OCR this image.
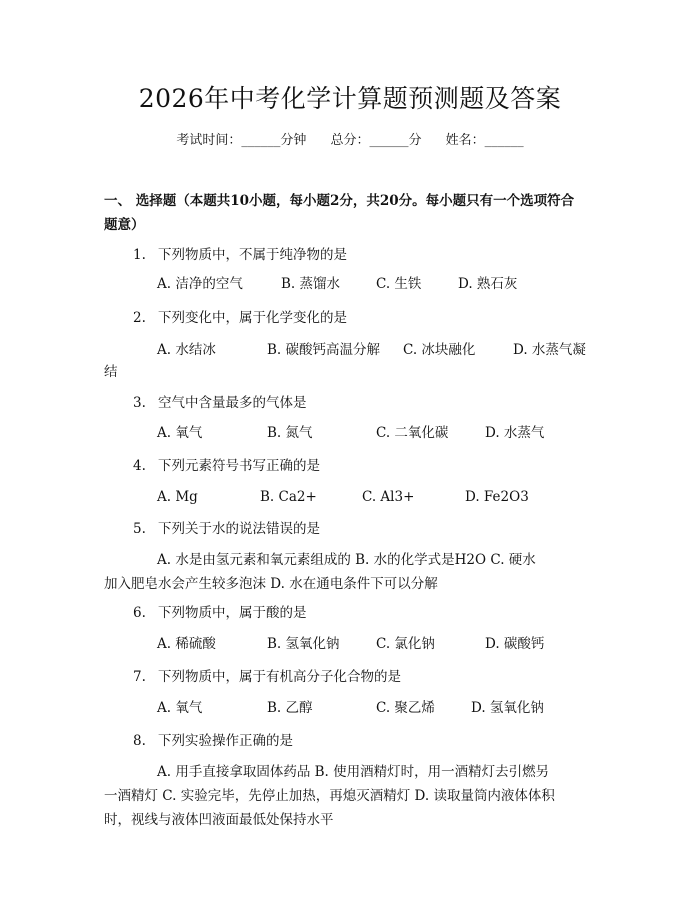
2026年中考化学计算题预测题及答案
考试时间：______分钟 总分：______分 姓名：______
一、 选择题（本题共10小题，每小题2分，共20分。每小题只有一个选项符合
题意）
1. 下列物质中，不属于纯净物的是
A. 洁净的空气	B. 蒸馏水	C. 生铁	D. 熟石灰
2. 下列变化中，属于化学变化的是
A. 水结冰	B. 碳酸钙高温分解 C. 冰块融化	D. 水蒸气凝
结
3. 空气中含量最多的气体是
A. 氧气	B. 氮气	C. 二氧化碳	D. 水蒸气
4. 下列元素符号书写正确的是
A. Mg	B. Ca2+	C. Al3+	D. Fe2O3
5. 下列关于水的说法错误的是
A. 水是由氢元素和氧元素组成的 B. 水的化学式是H2O C. 硬水
加入肥皂水会产生较多泡沫 D. 水在通电条件下可以分解
6. 下列物质中，属于酸的是
A. 稀硫酸	B. 氢氧化钠	C. 氯化钠	D. 碳酸钙
7. 下列物质中，属于有机高分子化合物的是
A. 氧气	B. 乙醇	C. 聚乙烯	D. 氢氧化钠
8. 下列实验操作正确的是
A. 用手直接拿取固体药品 B. 使用酒精灯时，用一酒精灯去引燃另
一酒精灯 C. 实验完毕，先停止加热，再熄灭酒精灯 D. 读取量筒内液体体积
时，视线与液体凹液面最低处保持水平
